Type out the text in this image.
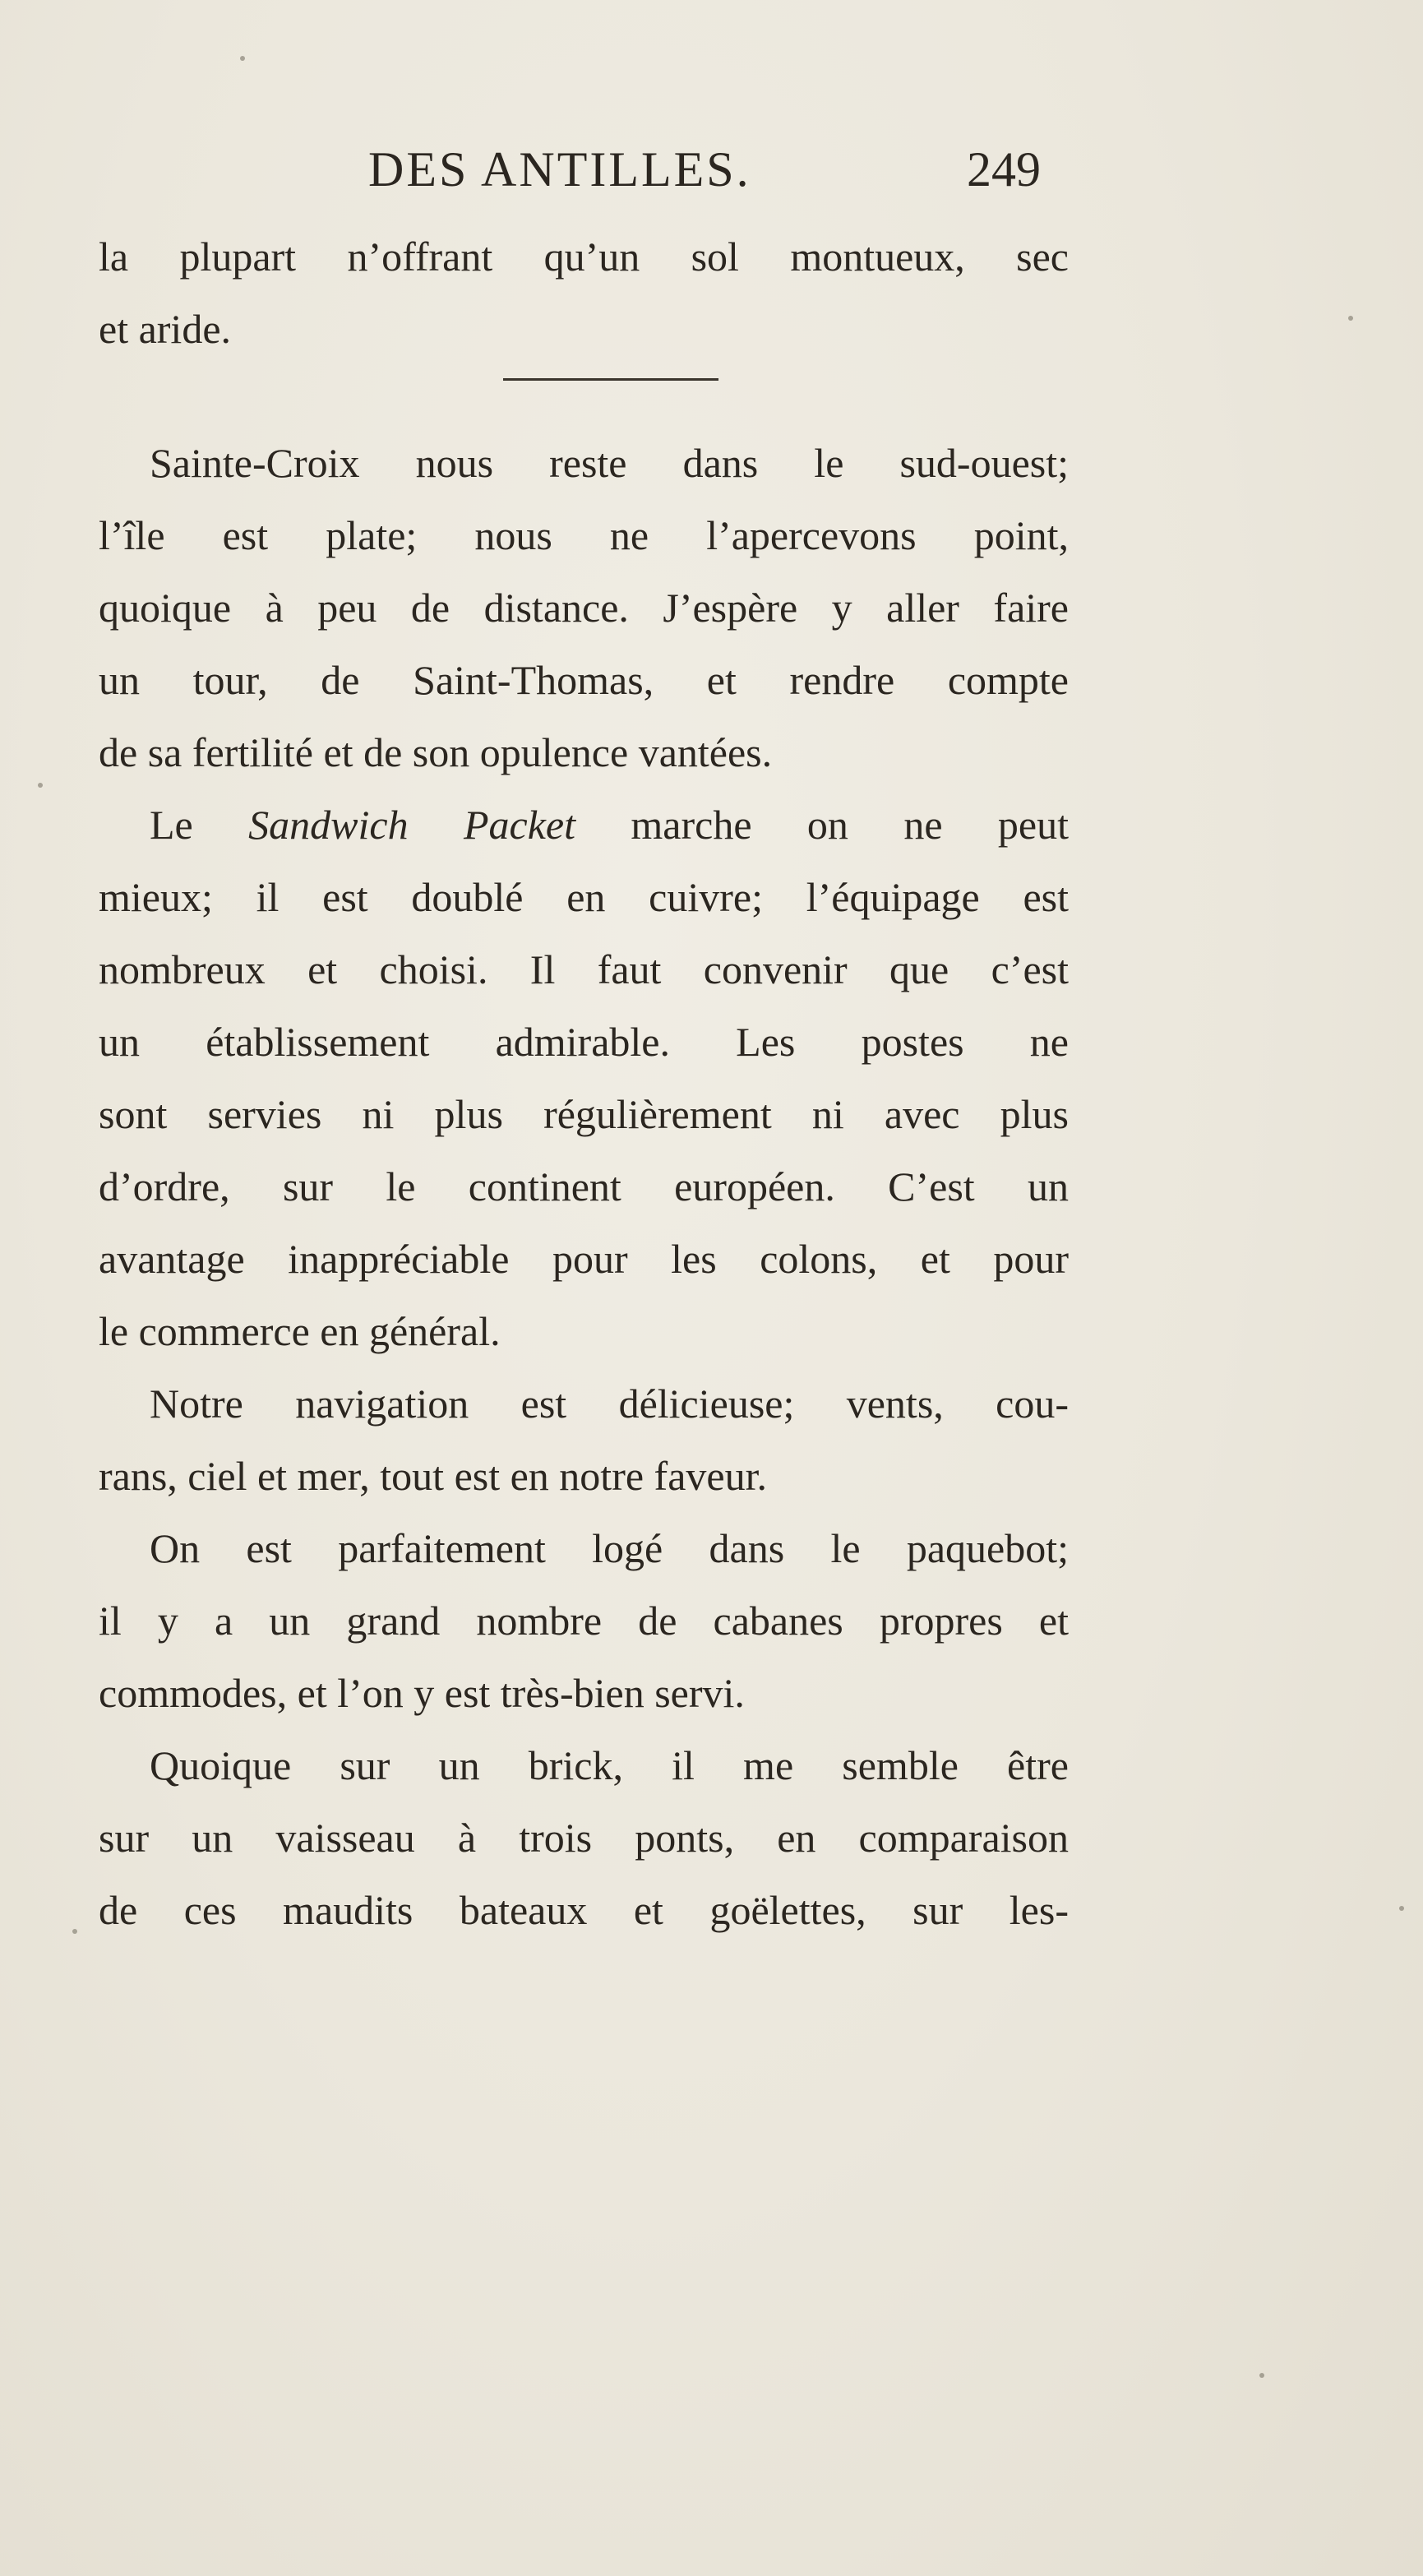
DES ANTILLES.	249
la plupart n’offrant qu’un sol montueux, sec
et aride.
Sainte-Croix nous reste dans le sud-ouest;
l’île est plate; nous ne l’apercevons point,
quoique à peu de distance. J’espère y aller faire
un tour, de Saint-Thomas, et rendre compte
de sa fertilité et de son opulence vantées.
Le Sandwich Packet marche on ne peut
mieux; il est doublé en cuivre; l’équipage est
nombreux et choisi. Il faut convenir que c’est
un établissement admirable. Les postes ne
sont servies ni plus régulièrement ni avec plus
d’ordre, sur le continent européen. C’est un
avantage inappréciable pour les colons, et pour
le commerce en général.
Notre navigation est délicieuse; vents, cou-
rans, ciel et mer, tout est en notre faveur.
On est parfaitement logé dans le paquebot;
il y a un grand nombre de cabanes propres et
commodes, et l’on y est très-bien servi.
Quoique sur un brick, il me semble être
sur un vaisseau à trois ponts, en comparaison
de ces maudits bateaux et goëlettes, sur les-
